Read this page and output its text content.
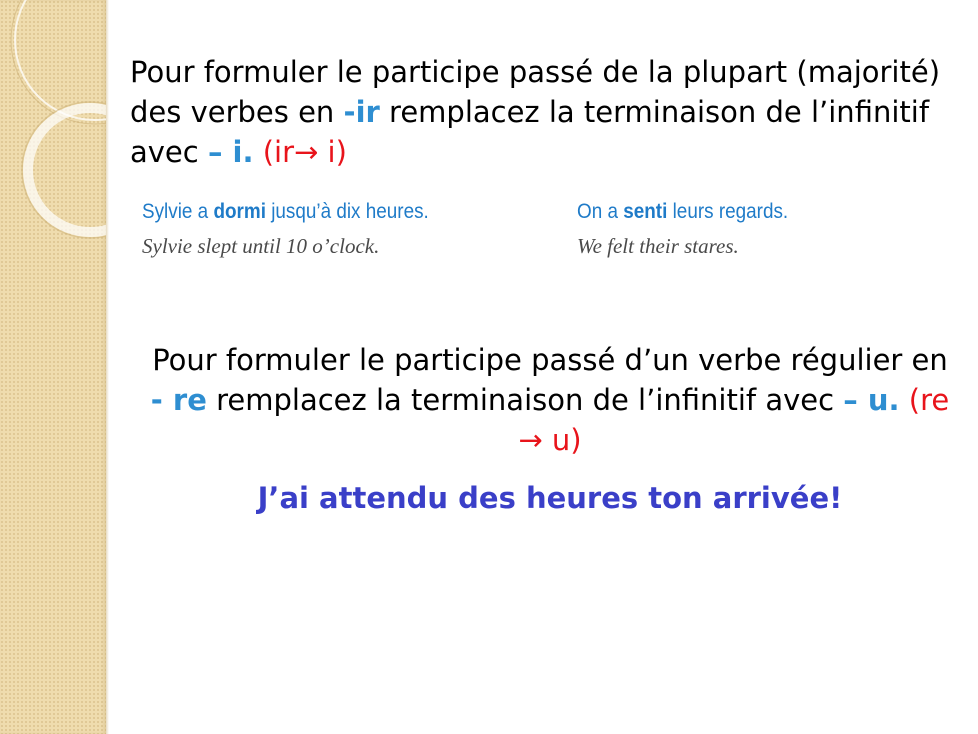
Pour formuler le participe passé de la plupart (majorité) des verbes en -ir remplacez la terminaison de l’infinitif avec – i. (ir→ i)

Sylvie a dormi jusqu’à dix heures.
Sylvie slept until 10 o’clock.
On a senti leurs regards.
We felt their stares.

Pour formuler le participe passé d’un verbe régulier en - re remplacez la terminaison de l’infinitif avec – u. (re → u)

J’ai attendu des heures ton arrivée!
